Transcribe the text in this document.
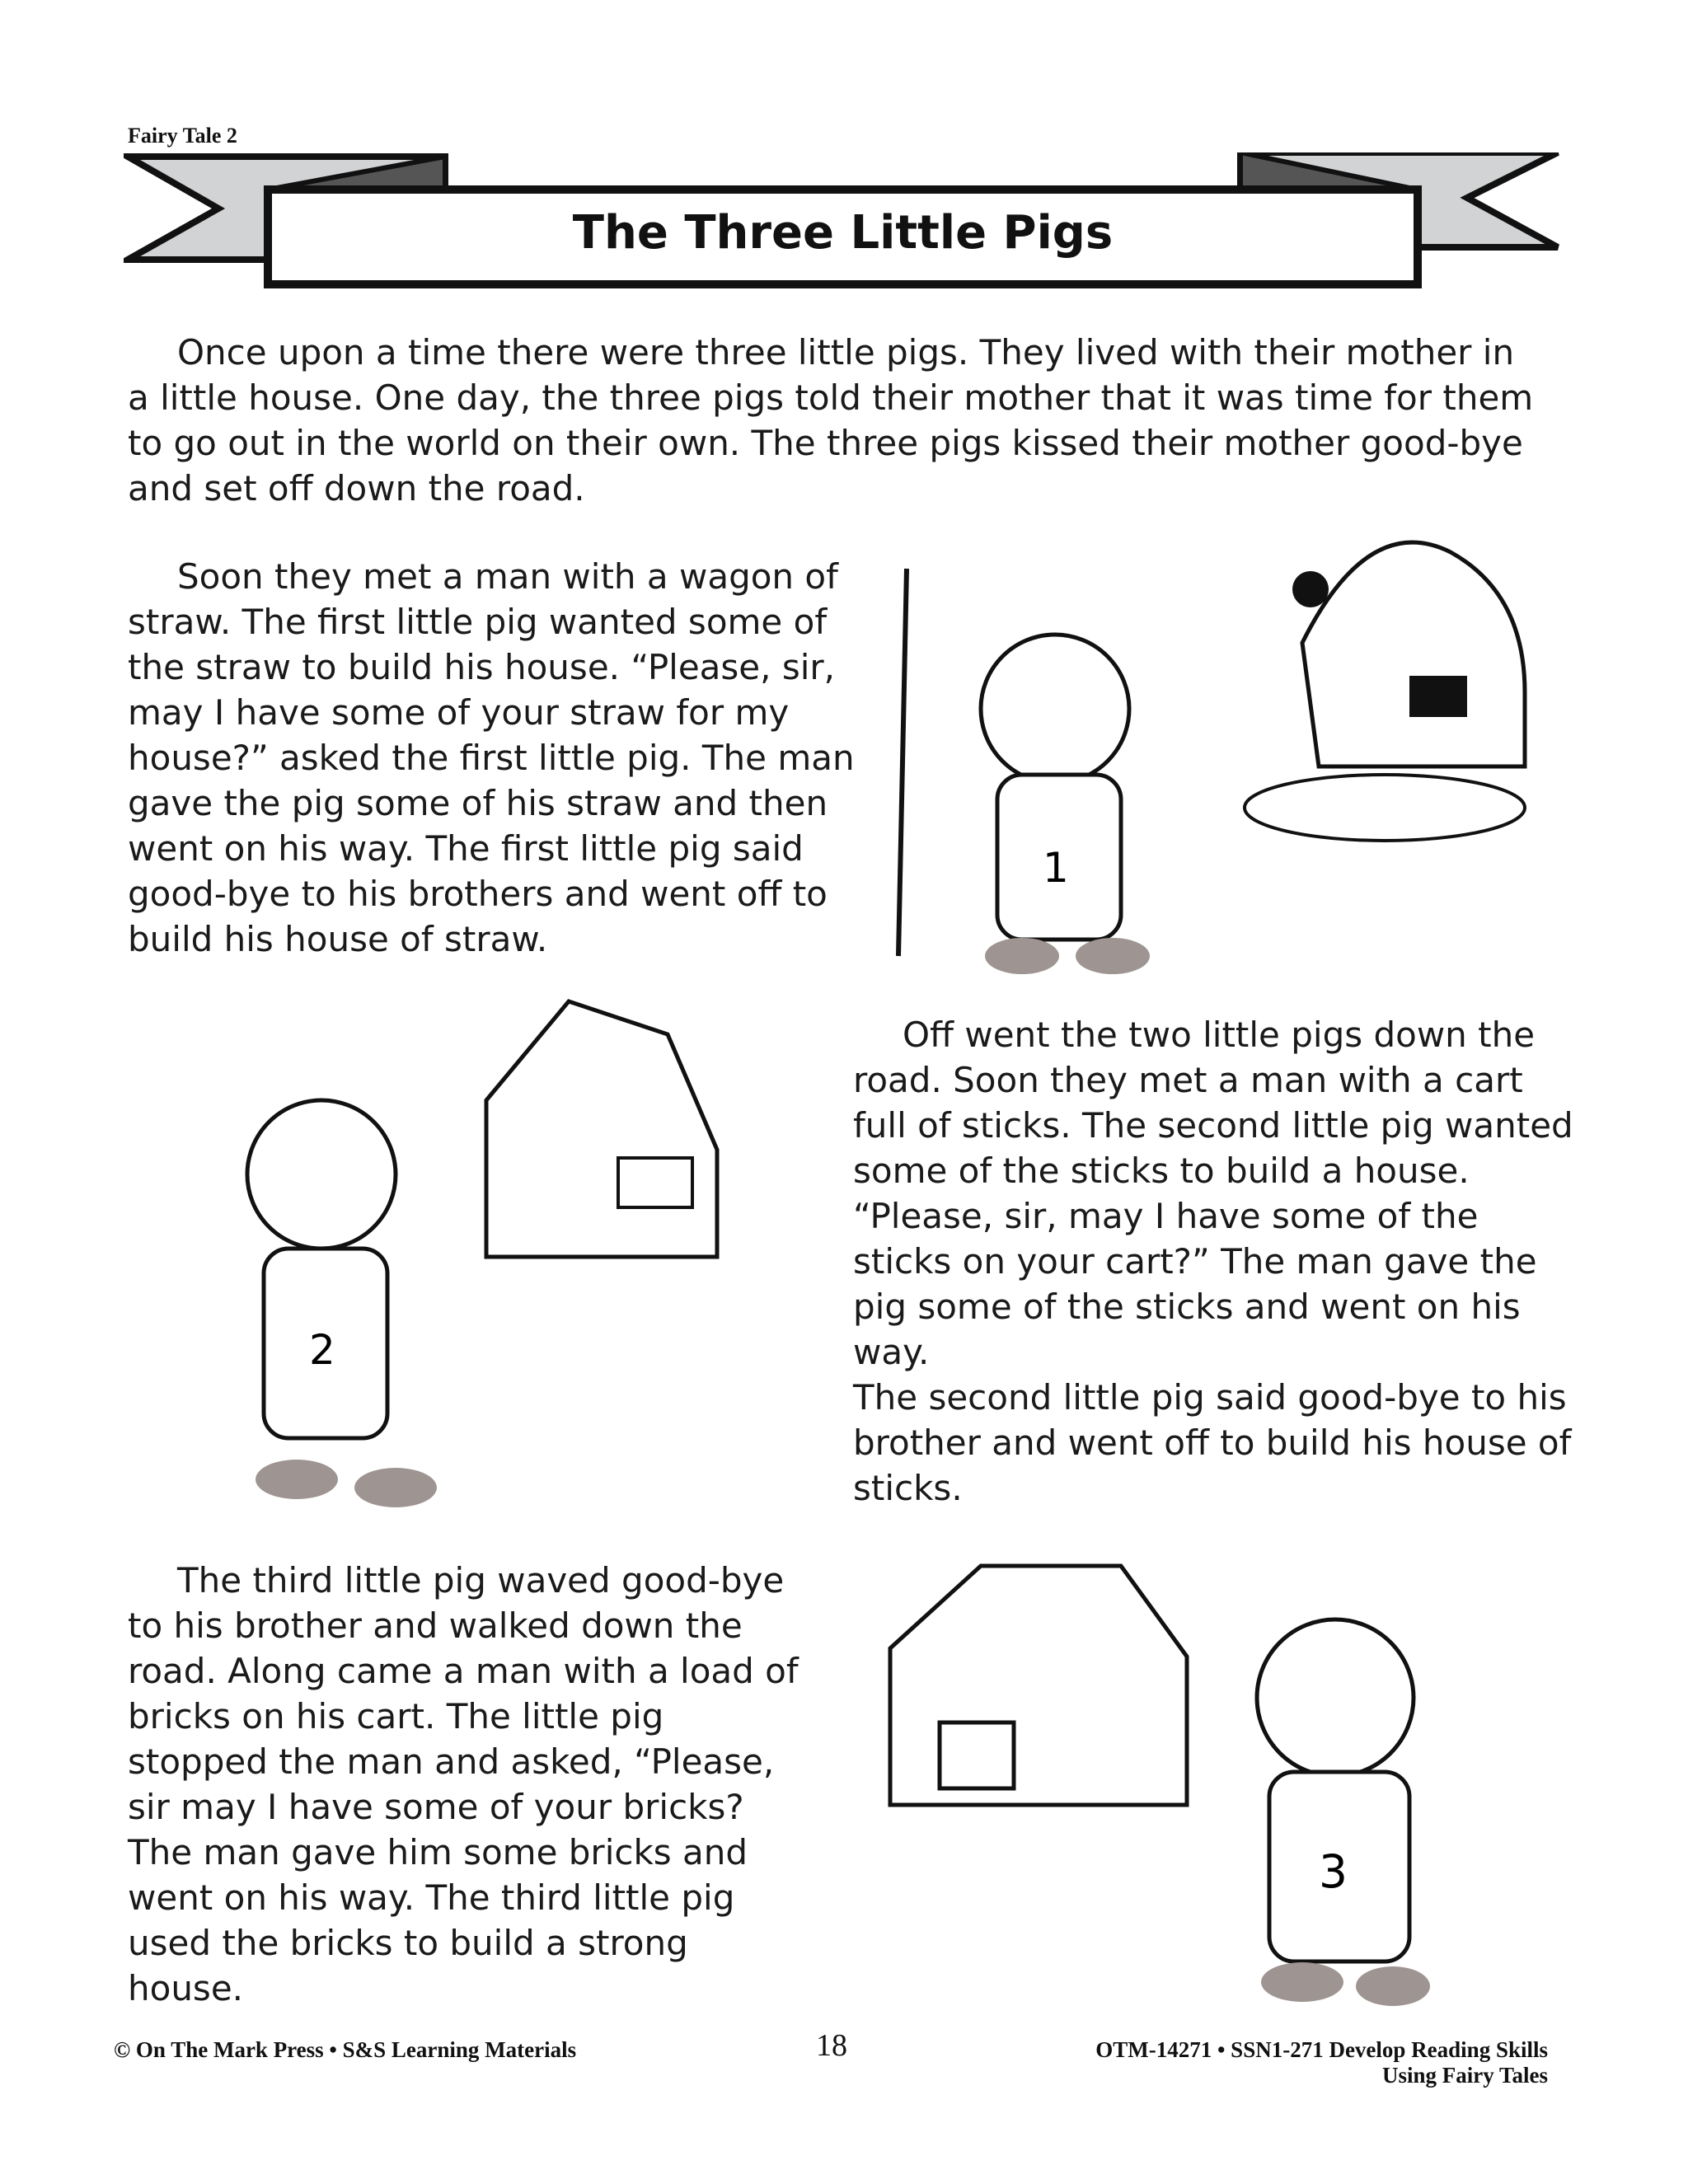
Fairy Tale 2
The Three Little Pigs
Once upon a time there were three little pigs. They lived with their mother in a little house. One day, the three pigs told their mother that it was time for them to go out in the world on their own. The three pigs kissed their mother good-bye and set off down the road.
Soon they met a man with a wagon of straw. The first little pig wanted some of the straw to build his house. “Please, sir, may I have some of your straw for my house?” asked the first little pig. The man gave the pig some of his straw and then went on his way. The first little pig said good-bye to his brothers and went off to build his house of straw.
Off went the two little pigs down the road. Soon they met a man with a cart full of sticks. The second little pig wanted some of the sticks to build a house. “Please, sir, may I have some of the sticks on your cart?” The man gave the pig some of the sticks and went on his way.
The second little pig said good-bye to his brother and went off to build his house of sticks.
The third little pig waved good-bye to his brother and walked down the road. Along came a man with a load of bricks on his cart. The little pig stopped the man and asked, “Please, sir may I have some of your bricks? The man gave him some bricks and went on his way. The third little pig used the bricks to build a strong house.
1
2
3
© On The Mark Press • S&S Learning Materials	18	OTM-14271 • SSN1-271 Develop Reading Skills
Using Fairy Tales
